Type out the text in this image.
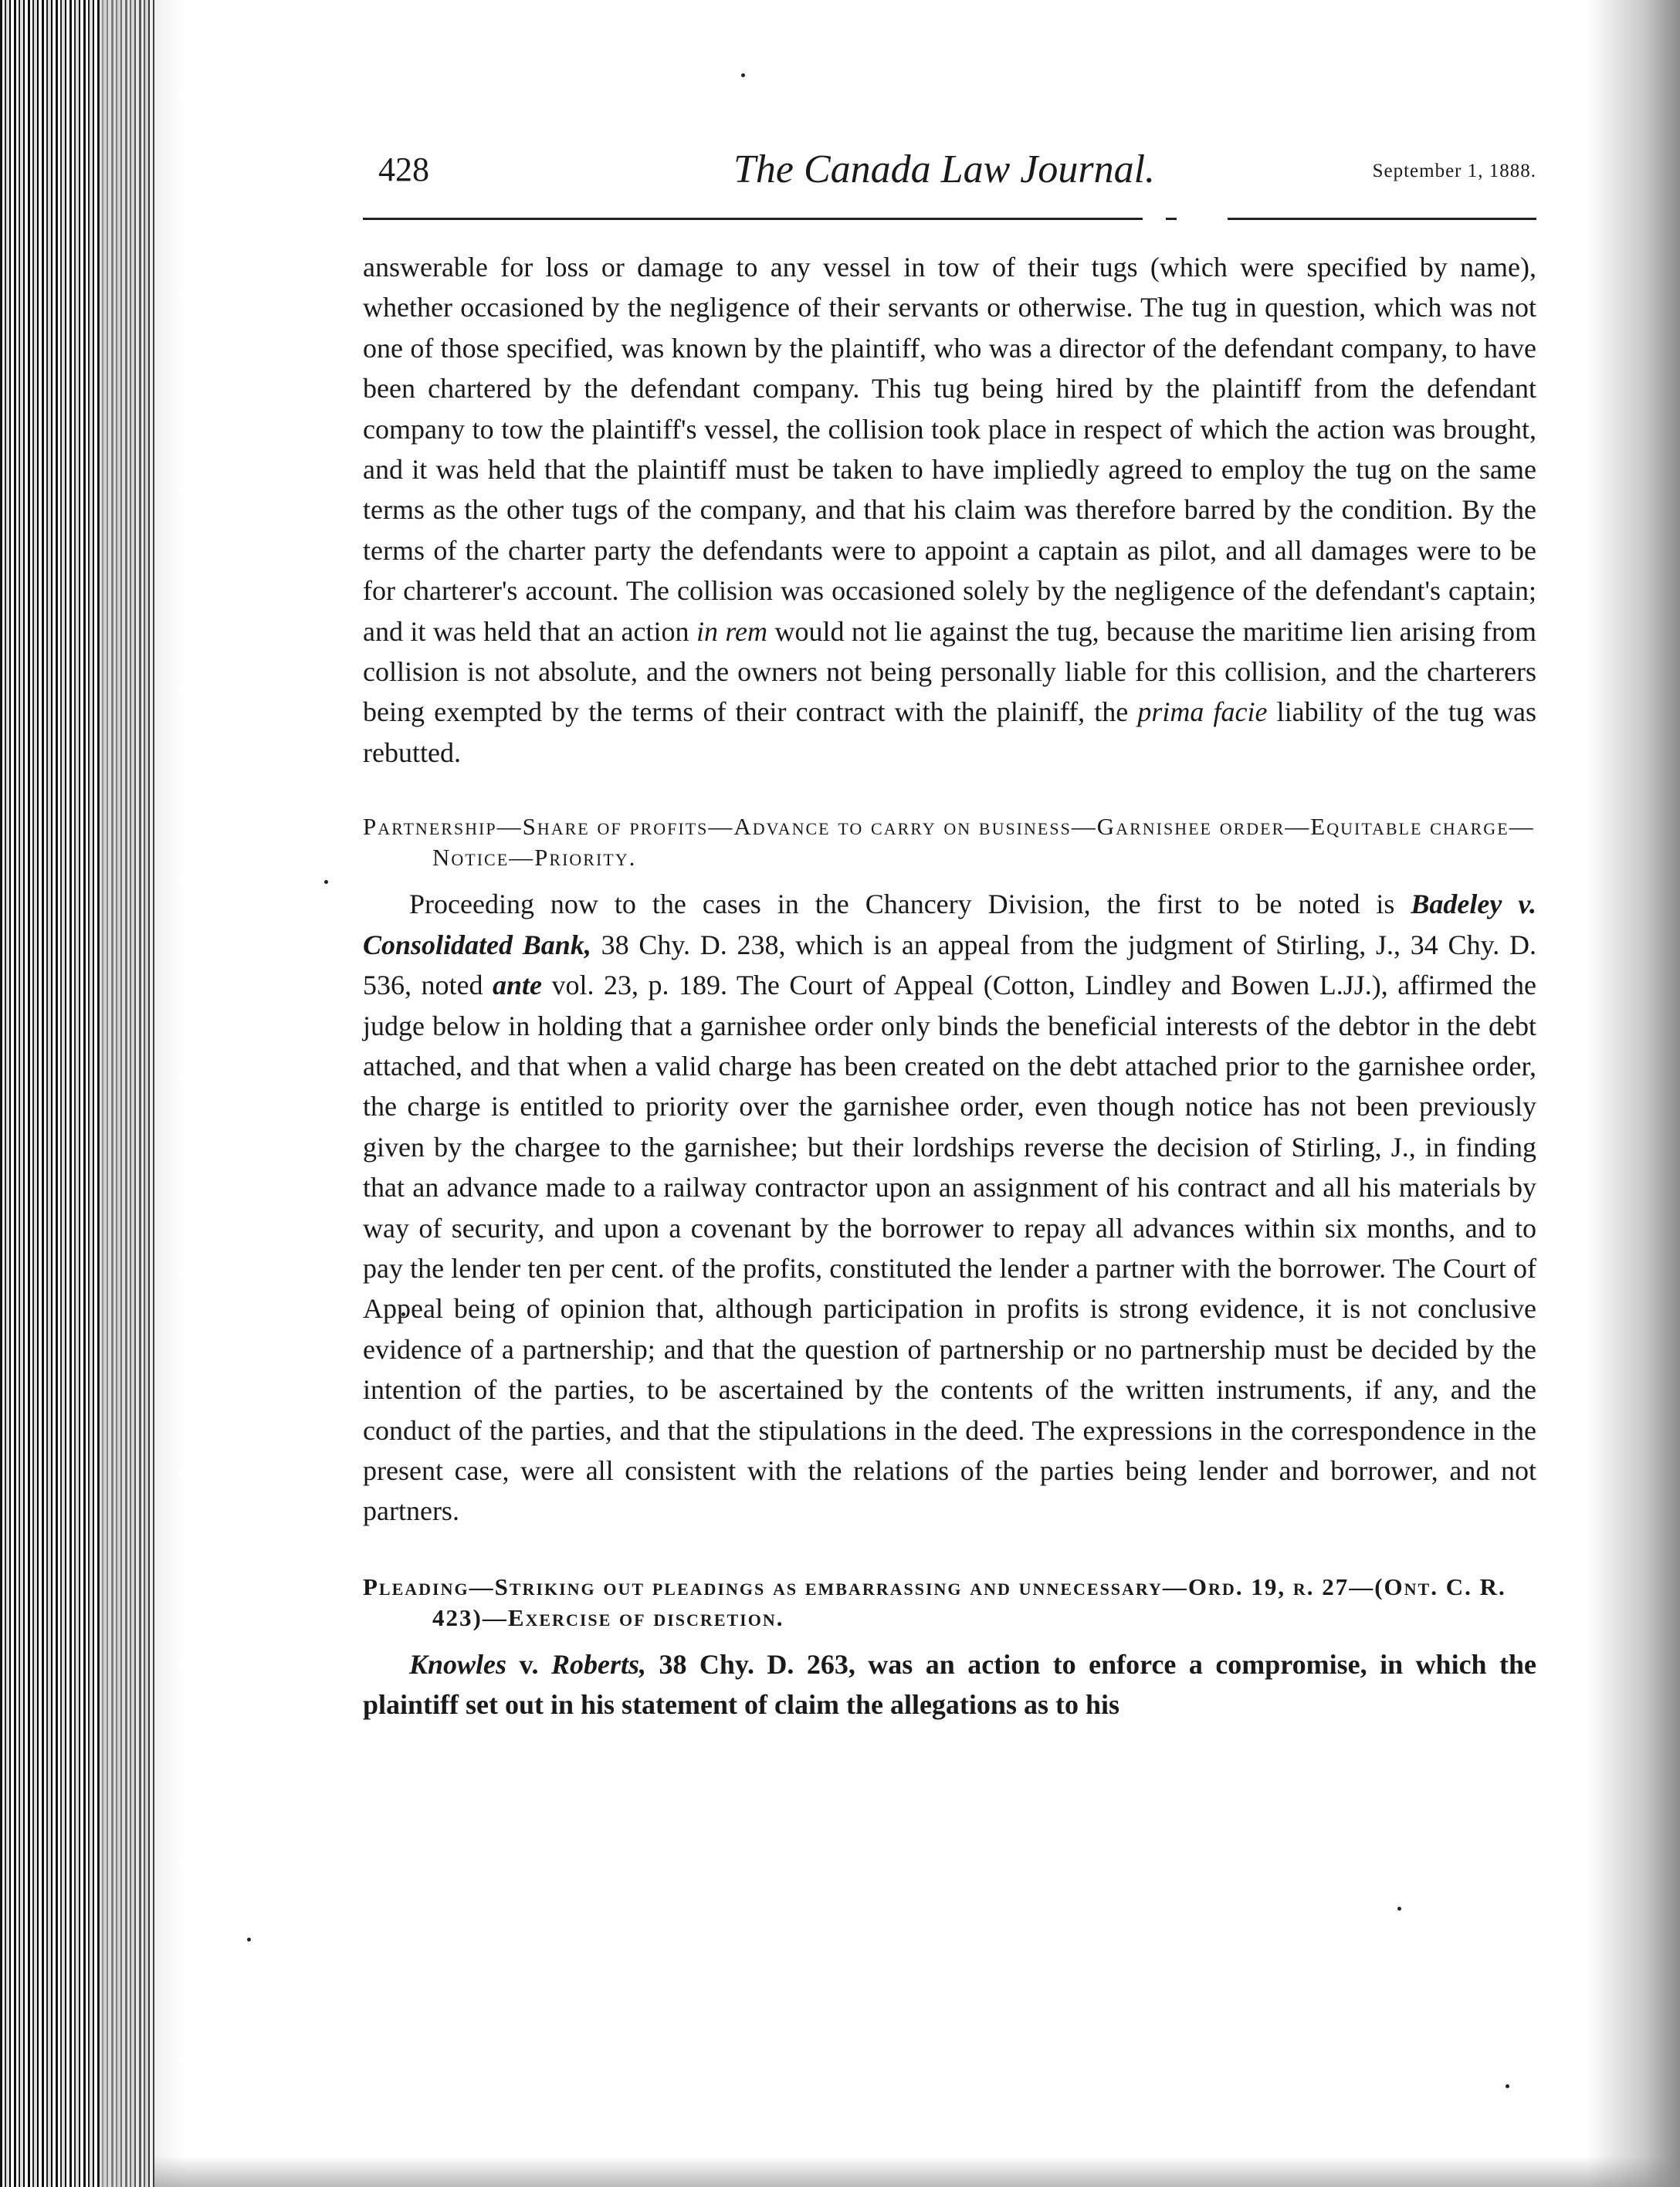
428	The Canada Law Journal.	September 1, 1888.

answerable for loss or damage to any vessel in tow of their tugs (which were specified by name), whether occasioned by the negligence of their servants or otherwise. The tug in question, which was not one of those specified, was known by the plaintiff, who was a director of the defendant company, to have been chartered by the defendant company. This tug being hired by the plaintiff from the defendant company to tow the plaintiff's vessel, the collision took place in respect of which the action was brought, and it was held that the plaintiff must be taken to have impliedly agreed to employ the tug on the same terms as the other tugs of the company, and that his claim was therefore barred by the condition. By the terms of the charter party the defendants were to appoint a captain as pilot, and all damages were to be for charterer's account. The collision was occasioned solely by the negligence of the defendant's captain; and it was held that an action in rem would not lie against the tug, because the maritime lien arising from collision is not absolute, and the owners not being personally liable for this collision, and the charterers being exempted by the terms of their contract with the plainiff, the prima facie liability of the tug was rebutted.

Partnership—Share of profits—Advance to carry on business—Garnishee order—Equitable charge—Notice—Priority.

Proceeding now to the cases in the Chancery Division, the first to be noted is Badeley v. Consolidated Bank, 38 Chy. D. 238, which is an appeal from the judgment of Stirling, J., 34 Chy. D. 536, noted ante vol. 23, p. 189. The Court of Appeal (Cotton, Lindley and Bowen L.JJ.), affirmed the judge below in holding that a garnishee order only binds the beneficial interests of the debtor in the debt attached, and that when a valid charge has been created on the debt attached prior to the garnishee order, the charge is entitled to priority over the garnishee order, even though notice has not been previously given by the chargee to the garnishee; but their lordships reverse the decision of Stirling, J., in finding that an advance made to a railway contractor upon an assignment of his contract and all his materials by way of security, and upon a covenant by the borrower to repay all advances within six months, and to pay the lender ten per cent. of the profits, constituted the lender a partner with the borrower. The Court of Appeal being of opinion that, although participation in profits is strong evidence, it is not conclusive evidence of a partnership; and that the question of partnership or no partnership must be decided by the intention of the parties, to be ascertained by the contents of the written instruments, if any, and the conduct of the parties, and that the stipulations in the deed. The expressions in the correspondence in the present case, were all consistent with the relations of the parties being lender and borrower, and not partners.

Pleading—Striking out pleadings as embarrassing and unnecessary—Ord. 19, r. 27—(Ont. C. R. 423)—Exercise of discretion.

Knowles v. Roberts, 38 Chy. D. 263, was an action to enforce a compromise, in which the plaintiff set out in his statement of claim the allegations as to his
